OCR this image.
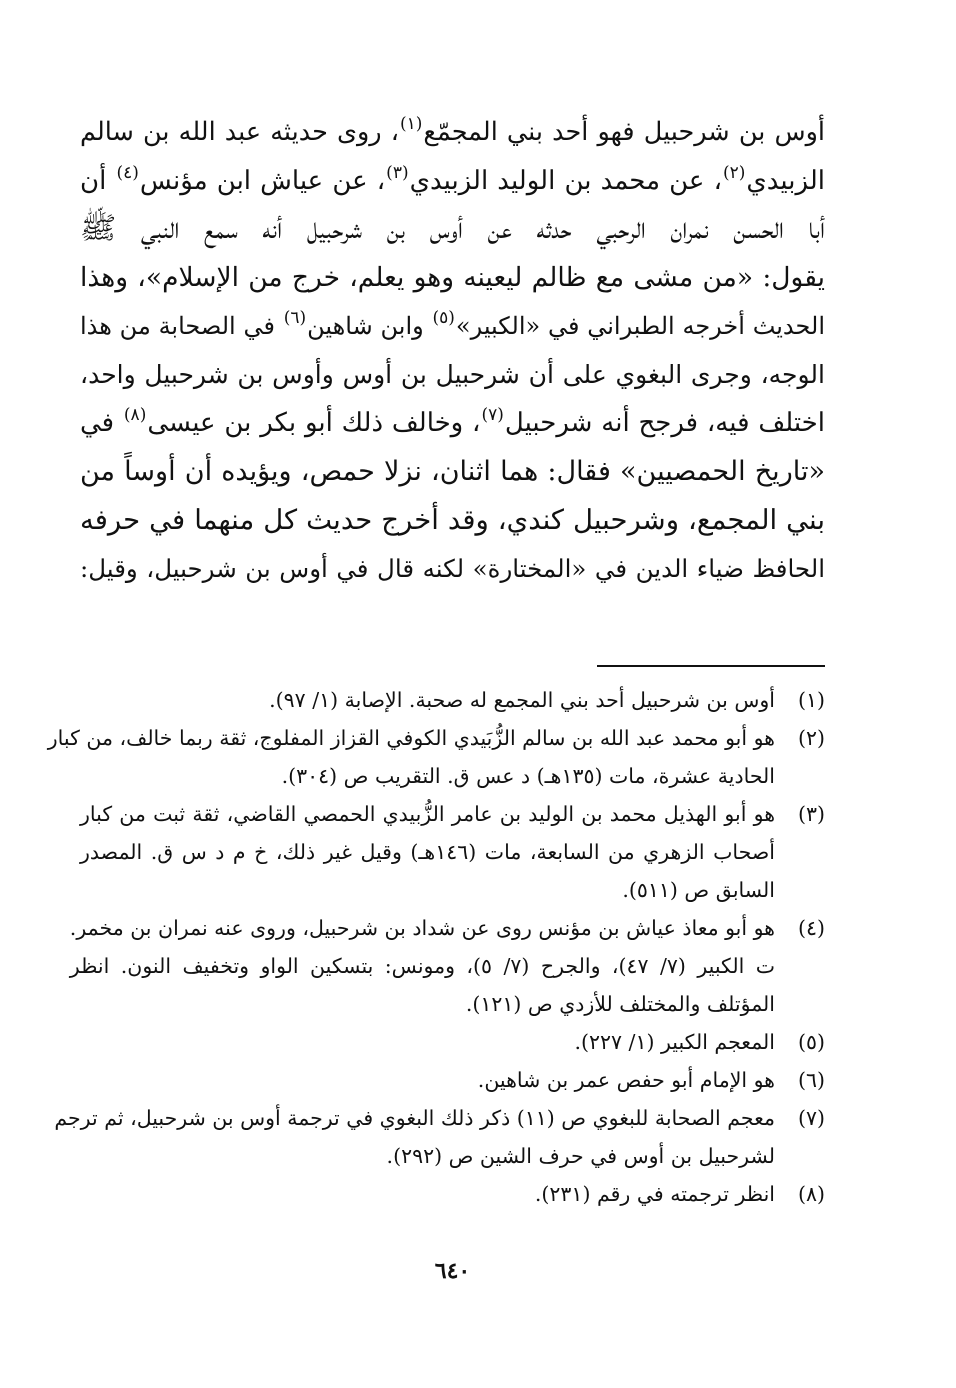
أوس بن شرحبيل فهو أحد بني المجمّع$^{(١)}$، روى حديثه عبد الله بن سالم
الزبيدي$^{(٢)}$، عن محمد بن الوليد الزبيدي$^{(٣)}$، عن عياش ابن مؤنس$^{(٤)}$ أن
أبا الحسن نمران الرحبي حدثه عن أوس بن شرحبيل أنه سمع النبي ﷺ
يقول: «من مشى مع ظالم ليعينه وهو يعلم، خرج من الإسلام»، وهذا
الحديث أخرجه الطبراني في «الكبير»$^{(٥)}$ وابن شاهين$^{(٦)}$ في الصحابة من هذا
الوجه، وجرى البغوي على أن شرحبيل بن أوس وأوس بن شرحبيل واحد،
اختلف فيه، فرجح أنه شرحبيل$^{(٧)}$، وخالف ذلك أبو بكر بن عيسى$^{(٨)}$ في
«تاريخ الحمصيين» فقال: هما اثنان، نزلا حمص، ويؤيده أن أوساً من
بني المجمع، وشرحبيل كندي، وقد أخرج حديث كل منهما في حرفه
الحافظ ضياء الدين في «المختارة» لكنه قال في أوس بن شرحبيل، وقيل:
(١)
أوس بن شرحبيل أحد بني المجمع له صحبة. الإصابة (١/ ٩٧).
(٢)
هو أبو محمد عبد الله بن سالم الزُّبَيدي الكوفي القزاز المفلوج، ثقة ربما خالف، من كبار
الحادية عشرة، مات (١٣٥هـ) د عس ق. التقريب ص (٣٠٤).
(٣)
هو أبو الهذيل محمد بن الوليد بن عامر الزُّبيدي الحمصي القاضي، ثقة ثبت من كبار
أصحاب الزهري من السابعة، مات (١٤٦هـ) وقيل غير ذلك، خ م د س ق. المصدر
السابق ص (٥١١).
(٤)
هو أبو معاذ عياش بن مؤنس روى عن شداد بن شرحبيل، وروى عنه نمران بن مخمر.
ت الكبير (٧/ ٤٧)، والجرح (٧/ ٥)، ومونس: بتسكين الواو وتخفيف النون. انظر
المؤتلف والمختلف للأزدي ص (١٢١).
(٥)
المعجم الكبير (١/ ٢٢٧).
(٦)
هو الإمام أبو حفص عمر بن شاهين.
(٧)
معجم الصحابة للبغوي ص (١١) ذكر ذلك البغوي في ترجمة أوس بن شرحبيل، ثم ترجم
لشرحبيل بن أوس في حرف الشين ص (٢٩٢).
(٨)
انظر ترجمته في رقم (٢٣١).
٦٤٠
